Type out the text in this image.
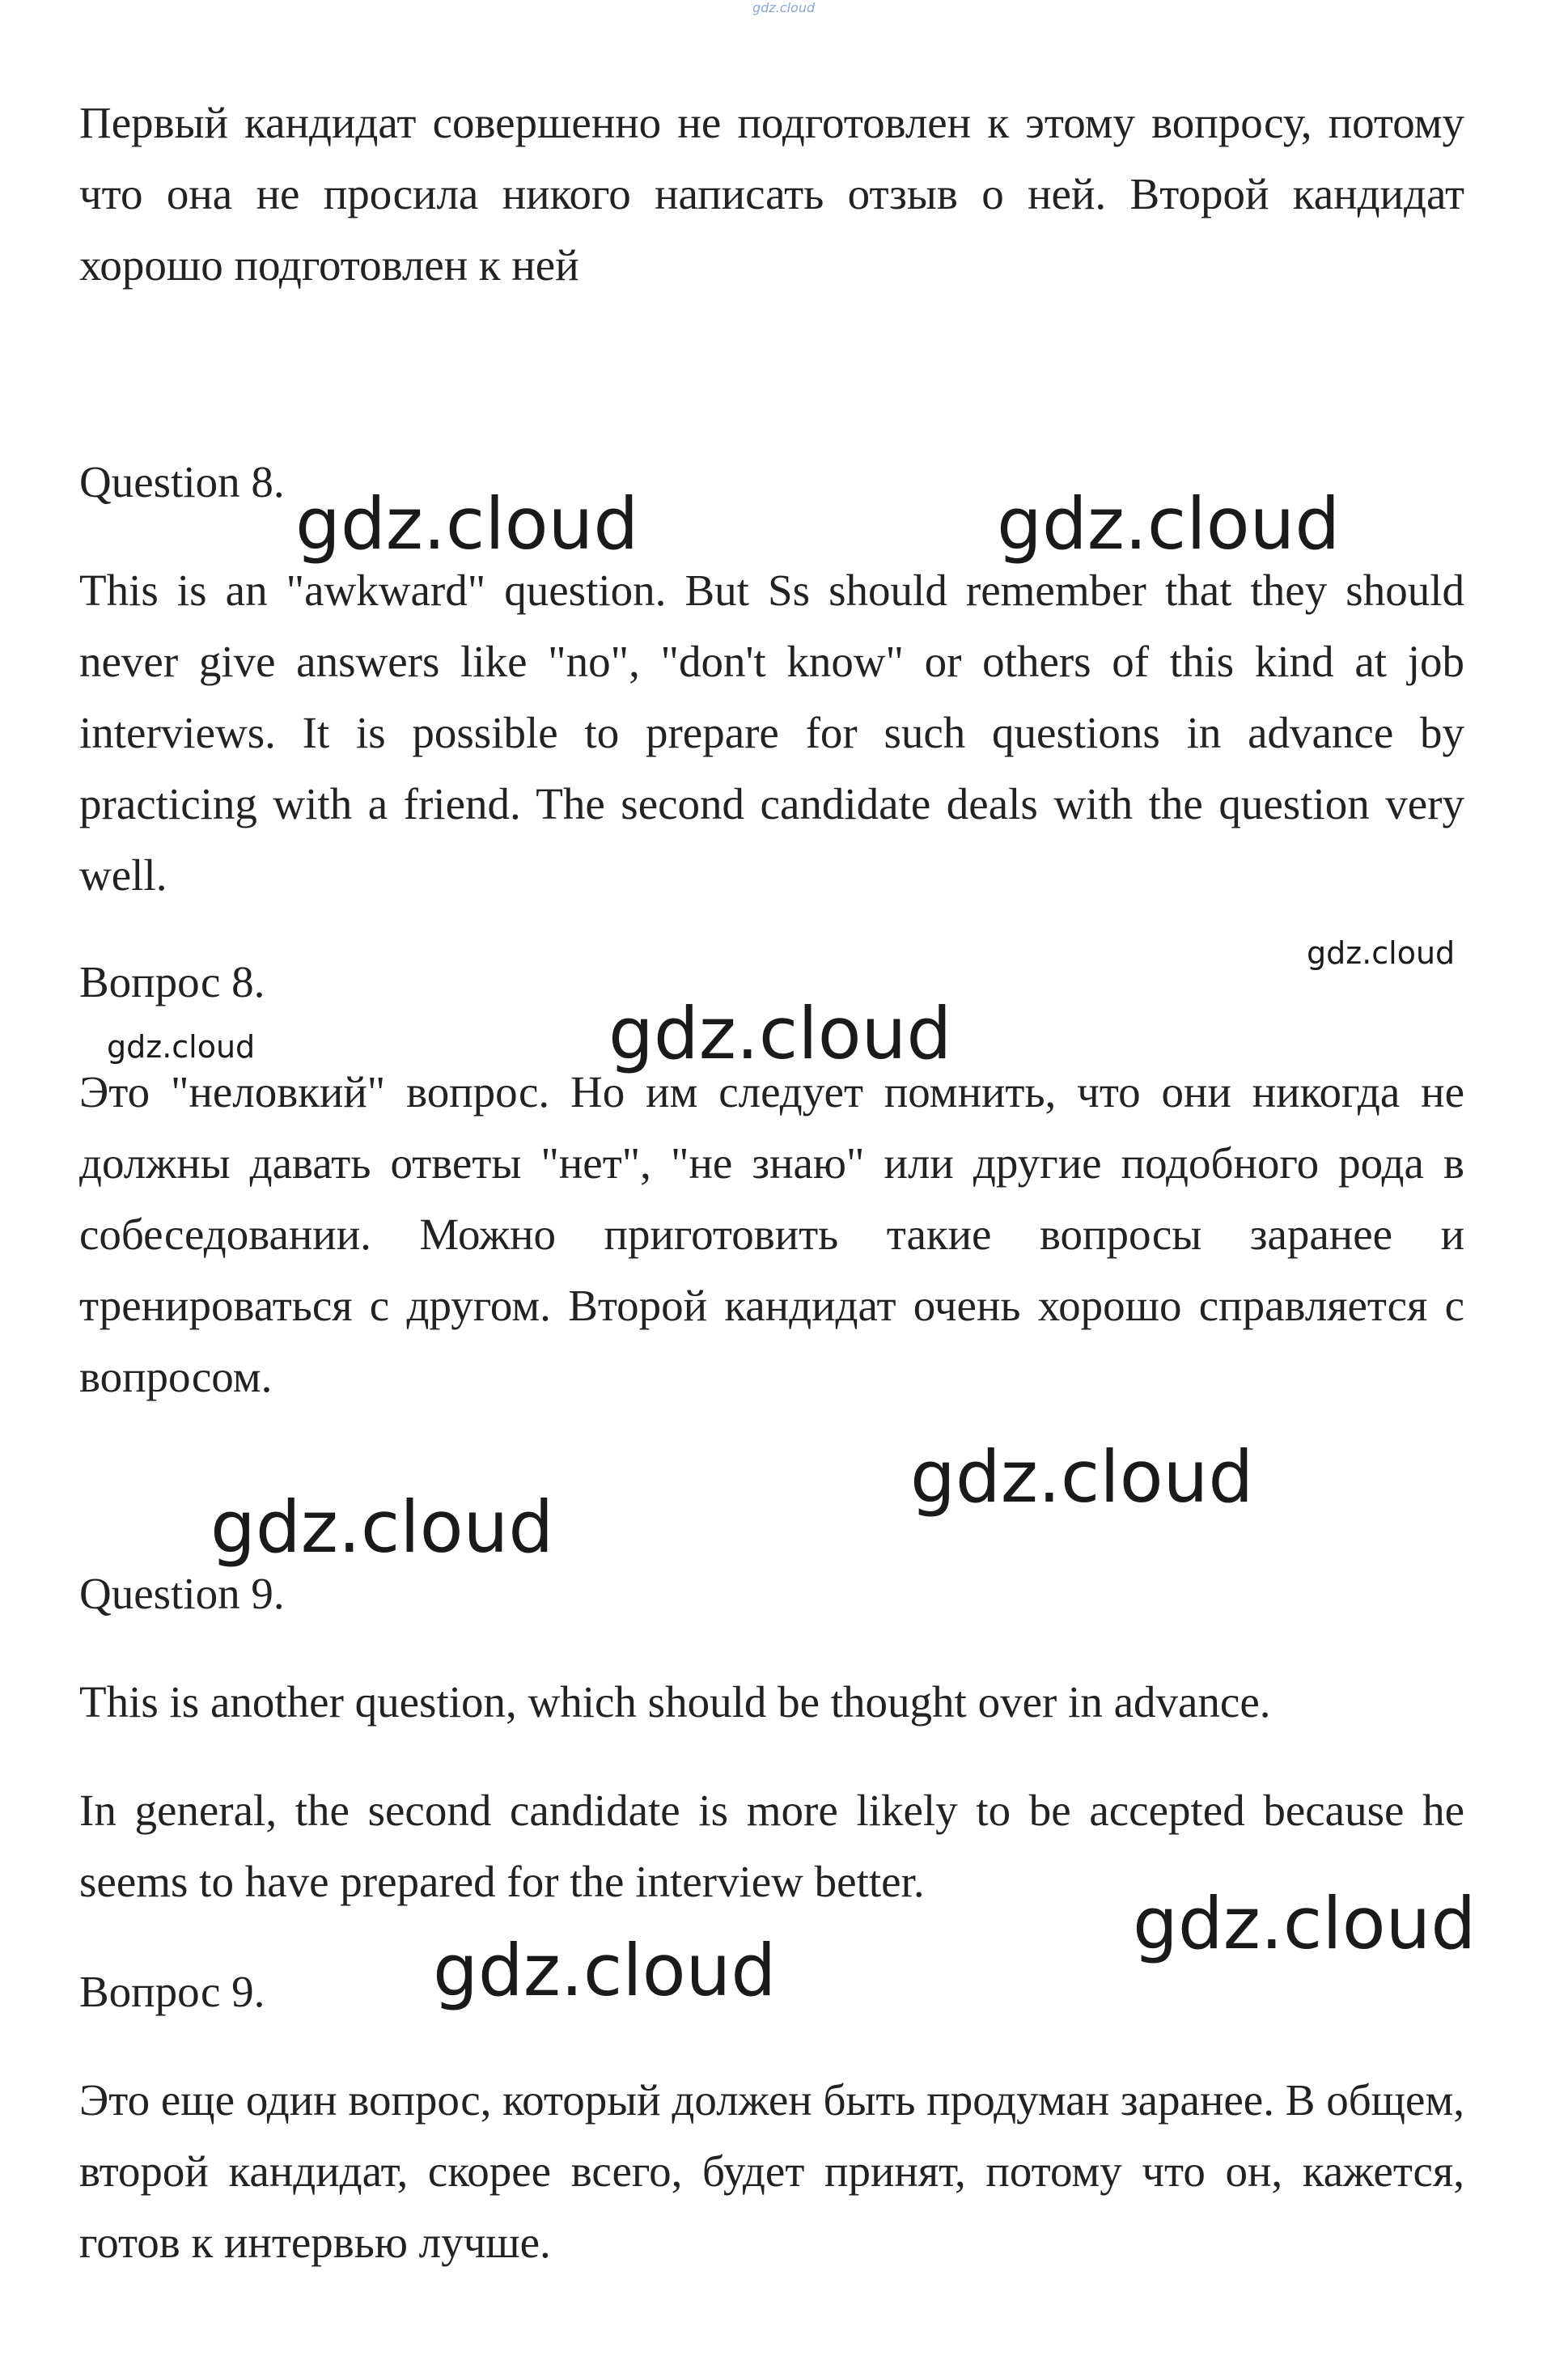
gdz.cloud

Первый кандидат совершенно не подготовлен к этому вопросу, потому что она не просила никого написать отзыв о ней. Второй кандидат хорошо подготовлен к ней

Question 8.

This is an "awkward" question. But Ss should remember that they should never give answers like "no", "don't know" or others of this kind at job interviews. It is possible to prepare for such questions in advance by practicing with a friend. The second candidate deals with the question very well.

Вопрос 8.

Это "неловкий" вопрос. Но им следует помнить, что они никогда не должны давать ответы "нет", "не знаю" или другие подобного рода в собеседовании. Можно приготовить такие вопросы заранее и тренироваться с другом. Второй кандидат очень хорошо справляется с вопросом.

Question 9.

This is another question, which should be thought over in advance.

In general, the second candidate is more likely to be accepted because he seems to have prepared for the interview better.

Вопрос 9.

Это еще один вопрос, который должен быть продуман заранее. В общем, второй кандидат, скорее всего, будет принят, потому что он, кажется, готов к интервью лучше.

gdz.cloud	gdz.cloud
gdz.cloud
gdz.cloud	gdz.cloud
gdz.cloud
gdz.cloud
gdz.cloud
gdz.cloud
